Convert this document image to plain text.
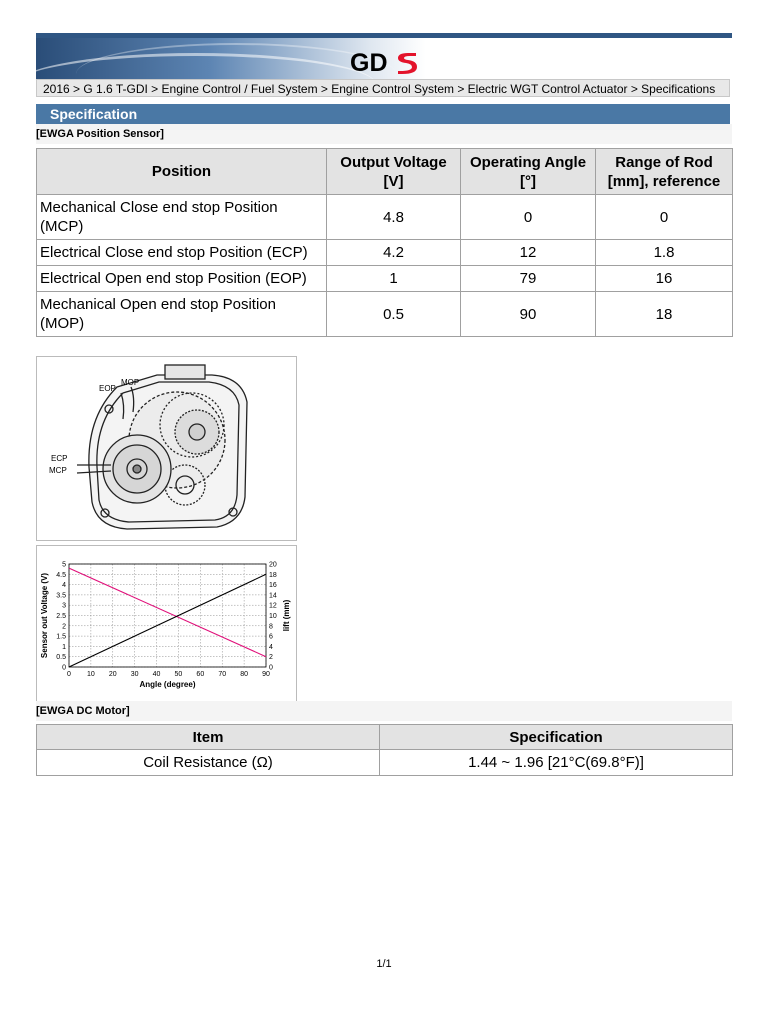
GD
2016 > G 1.6 T-GDI > Engine Control / Fuel System > Engine Control System > Electric WGT Control Actuator > Specifications
Specification
[EWGA Position Sensor]
Position	Output Voltage [V]	Operating Angle [°]	Range of Rod [mm], reference
Mechanical Close end stop Position (MCP)	4.8	0	0
Electrical Close end stop Position (ECP)	4.2	12	1.8
Electrical Open end stop Position (EOP)	1	79	16
Mechanical Open end stop Position (MOP)	0.5	90	18
EOP
MOP
ECP
MCP
0
0.5
1
1.5
2
2.5
3
3.5
4
4.5
5
0
2
4
6
8
10
12
14
16
18
20
0 10 20 30 40 50 60 70 80 90
Angle (degree)
Sensor out Voltage (V)	lift (mm)
[EWGA DC Motor]
Item	Specification
Coil Resistance (Ω)	1.44 ~ 1.96 [21°C(69.8°F)]
1/1
